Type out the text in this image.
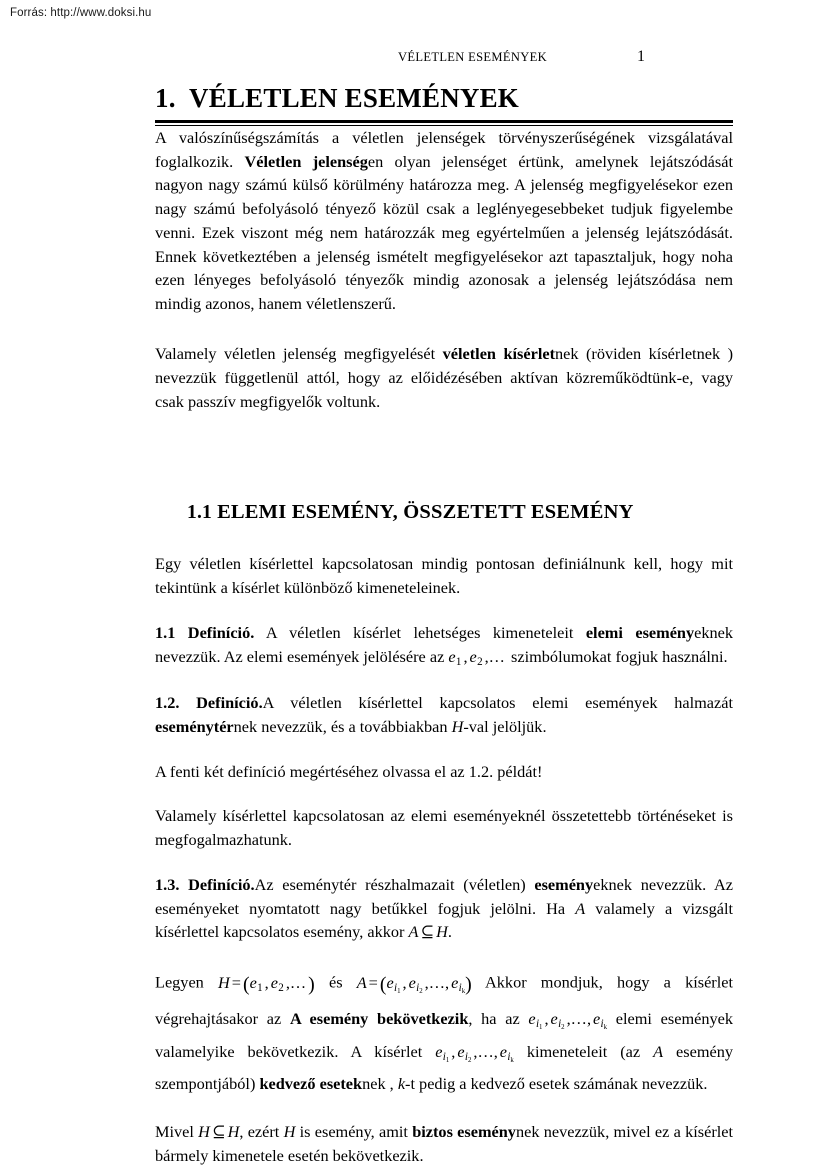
Forrás: http://www.doksi.hu
VÉLETLEN ESEMÉNYEK	1
1.  VÉLETLEN ESEMÉNYEK

A valószínűségszámítás a véletlen jelenségek törvényszerűségének vizsgálatával foglalkozik. Véletlen jelenségen olyan jelenséget értünk, amelynek lejátszódását nagyon nagy számú külső körülmény határozza meg. A jelenség megfigyelésekor ezen nagy számú befolyásoló tényező közül csak a leglényegesebbeket tudjuk figyelembe venni. Ezek viszont még nem határozzák meg egyértelműen a jelenség lejátszódását. Ennek következtében a jelenség ismételt megfigyelésekor azt tapasztaljuk, hogy noha ezen lényeges befolyásoló tényezők mindig azonosak a jelenség lejátszódása nem mindig azonos, hanem véletlenszerű.

Valamely véletlen jelenség megfigyelését véletlen kísérletnek (röviden kísérletnek ) nevezzük függetlenül attól, hogy az előidézésében aktívan közreműködtünk-e, vagy csak passzív megfigyelők voltunk.

1.1 ELEMI ESEMÉNY, ÖSSZETETT ESEMÉNY

Egy véletlen kísérlettel kapcsolatosan mindig pontosan definiálnunk kell, hogy mit tekintünk a kísérlet különböző kimeneteleinek.

1.1 Definíció. A véletlen kísérlet lehetséges kimeneteleit elemi eseményeknek nevezzük. Az elemi események jelölésére az e1 , e2 ,… szimbólumokat fogjuk használni.

1.2. Definíció.A véletlen kísérlettel kapcsolatos elemi események halmazát eseménytérnek nevezzük, és a továbbiakban H-val jelöljük.

A fenti két definíció megértéséhez olvassa el az 1.2. példát!

Valamely kísérlettel kapcsolatosan az elemi eseményeknél összetettebb történéseket is megfogalmazhatunk.

1.3. Definíció.Az eseménytér részhalmazait (véletlen) eseményeknek nevezzük. Az eseményeket nyomtatott nagy betűkkel fogjuk jelölni. Ha A valamely a vizsgált kísérlettel kapcsolatos esemény, akkor A ⊆ H.

Legyen H = (e1 , e2 ,… ) és A = (ei1 , ei2 ,…, eik) Akkor mondjuk, hogy a kísérlet végrehajtásakor az A esemény bekövetkezik, ha az ei1 , ei2 ,…, eik elemi események valamelyike bekövetkezik. A kísérlet ei1 , ei2 ,…, eik kimeneteleit (az A esemény szempontjából) kedvező eseteknek , k-t pedig a kedvező esetek számának nevezzük.

Mivel H ⊆ H, ezért H is esemény, amit biztos eseménynek nevezzük, mivel ez a kísérlet bármely kimenetele esetén bekövetkezik.
